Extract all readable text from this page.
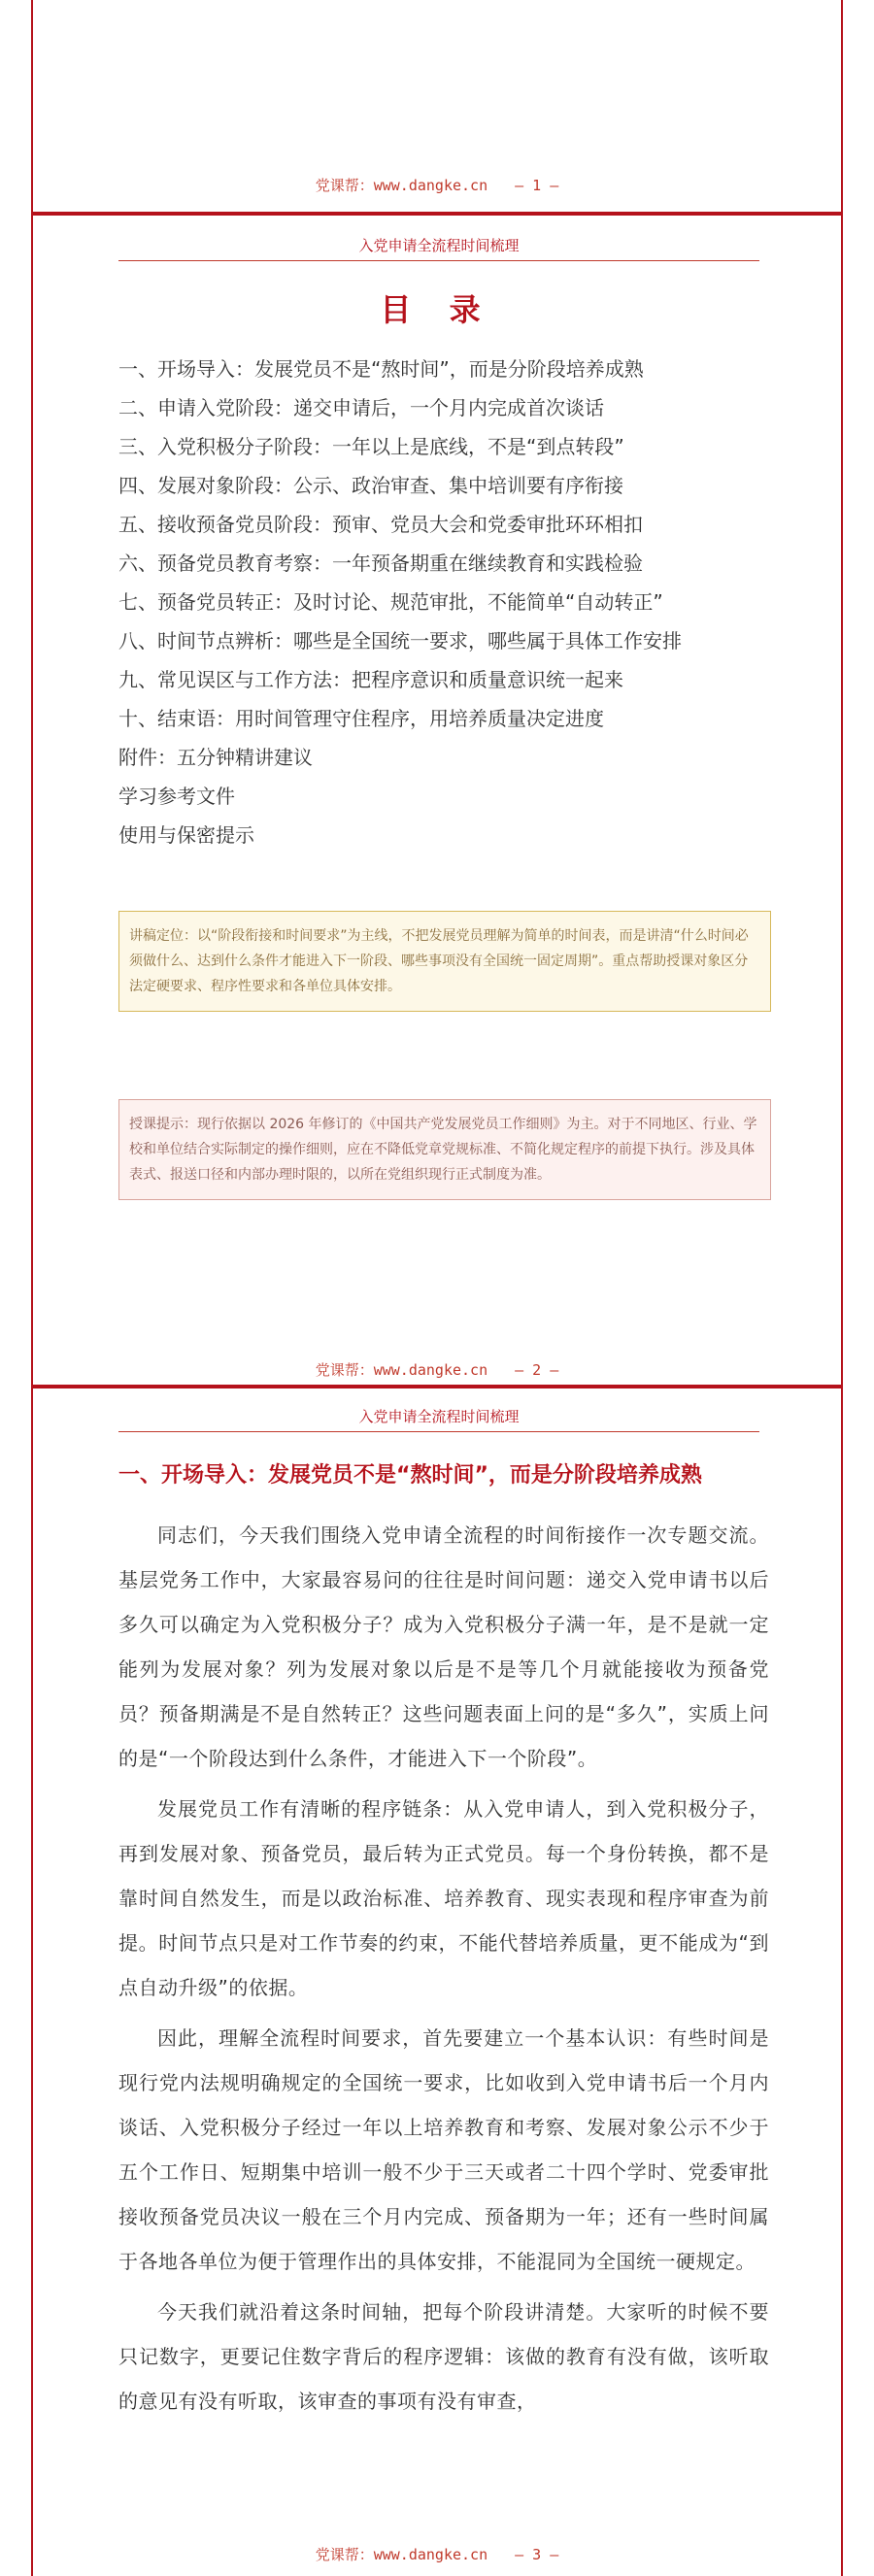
党课帮：www.dangke.cn — 1 —
入党申请全流程时间梳理
目 录
一、开场导入：发展党员不是“熬时间”，而是分阶段培养成熟
二、申请入党阶段：递交申请后，一个月内完成首次谈话
三、入党积极分子阶段：一年以上是底线，不是“到点转段”
四、发展对象阶段：公示、政治审查、集中培训要有序衔接
五、接收预备党员阶段：预审、党员大会和党委审批环环相扣
六、预备党员教育考察：一年预备期重在继续教育和实践检验
七、预备党员转正：及时讨论、规范审批，不能简单“自动转正”
八、时间节点辨析：哪些是全国统一要求，哪些属于具体工作安排
九、常见误区与工作方法：把程序意识和质量意识统一起来
十、结束语：用时间管理守住程序，用培养质量决定进度
附件：五分钟精讲建议
学习参考文件
使用与保密提示
讲稿定位：以“阶段衔接和时间要求”为主线，不把发展党员理解为简单的时间表，而是讲清“什么时间必须做什么、达到什么条件才能进入下一阶段、哪些事项没有全国统一固定周期”。重点帮助授课对象区分法定硬要求、程序性要求和各单位具体安排。
授课提示：现行依据以 2026 年修订的《中国共产党发展党员工作细则》为主。对于不同地区、行业、学校和单位结合实际制定的操作细则，应在不降低党章党规标准、不简化规定程序的前提下执行。涉及具体表式、报送口径和内部办理时限的，以所在党组织现行正式制度为准。
党课帮：www.dangke.cn — 2 —
入党申请全流程时间梳理
一、开场导入：发展党员不是“熬时间”，而是分阶段培养成熟

同志们，今天我们围绕入党申请全流程的时间衔接作一次专题交流。基层党务工作中，大家最容易问的往往是时间问题：递交入党申请书以后多久可以确定为入党积极分子？成为入党积极分子满一年，是不是就一定能列为发展对象？列为发展对象以后是不是等几个月就能接收为预备党员？预备期满是不是自然转正？这些问题表面上问的是“多久”，实质上问的是“一个阶段达到什么条件，才能进入下一个阶段”。

发展党员工作有清晰的程序链条：从入党申请人，到入党积极分子，再到发展对象、预备党员，最后转为正式党员。每一个身份转换，都不是靠时间自然发生，而是以政治标准、培养教育、现实表现和程序审查为前提。时间节点只是对工作节奏的约束，不能代替培养质量，更不能成为“到点自动升级”的依据。

因此，理解全流程时间要求，首先要建立一个基本认识：有些时间是现行党内法规明确规定的全国统一要求，比如收到入党申请书后一个月内谈话、入党积极分子经过一年以上培养教育和考察、发展对象公示不少于五个工作日、短期集中培训一般不少于三天或者二十四个学时、党委审批接收预备党员决议一般在三个月内完成、预备期为一年；还有一些时间属于各地各单位为便于管理作出的具体安排，不能混同为全国统一硬规定。

今天我们就沿着这条时间轴，把每个阶段讲清楚。大家听的时候不要只记数字，更要记住数字背后的程序逻辑：该做的教育有没有做，该听取的意见有没有听取，该审查的事项有没有审查，

党课帮：www.dangke.cn — 3 —
